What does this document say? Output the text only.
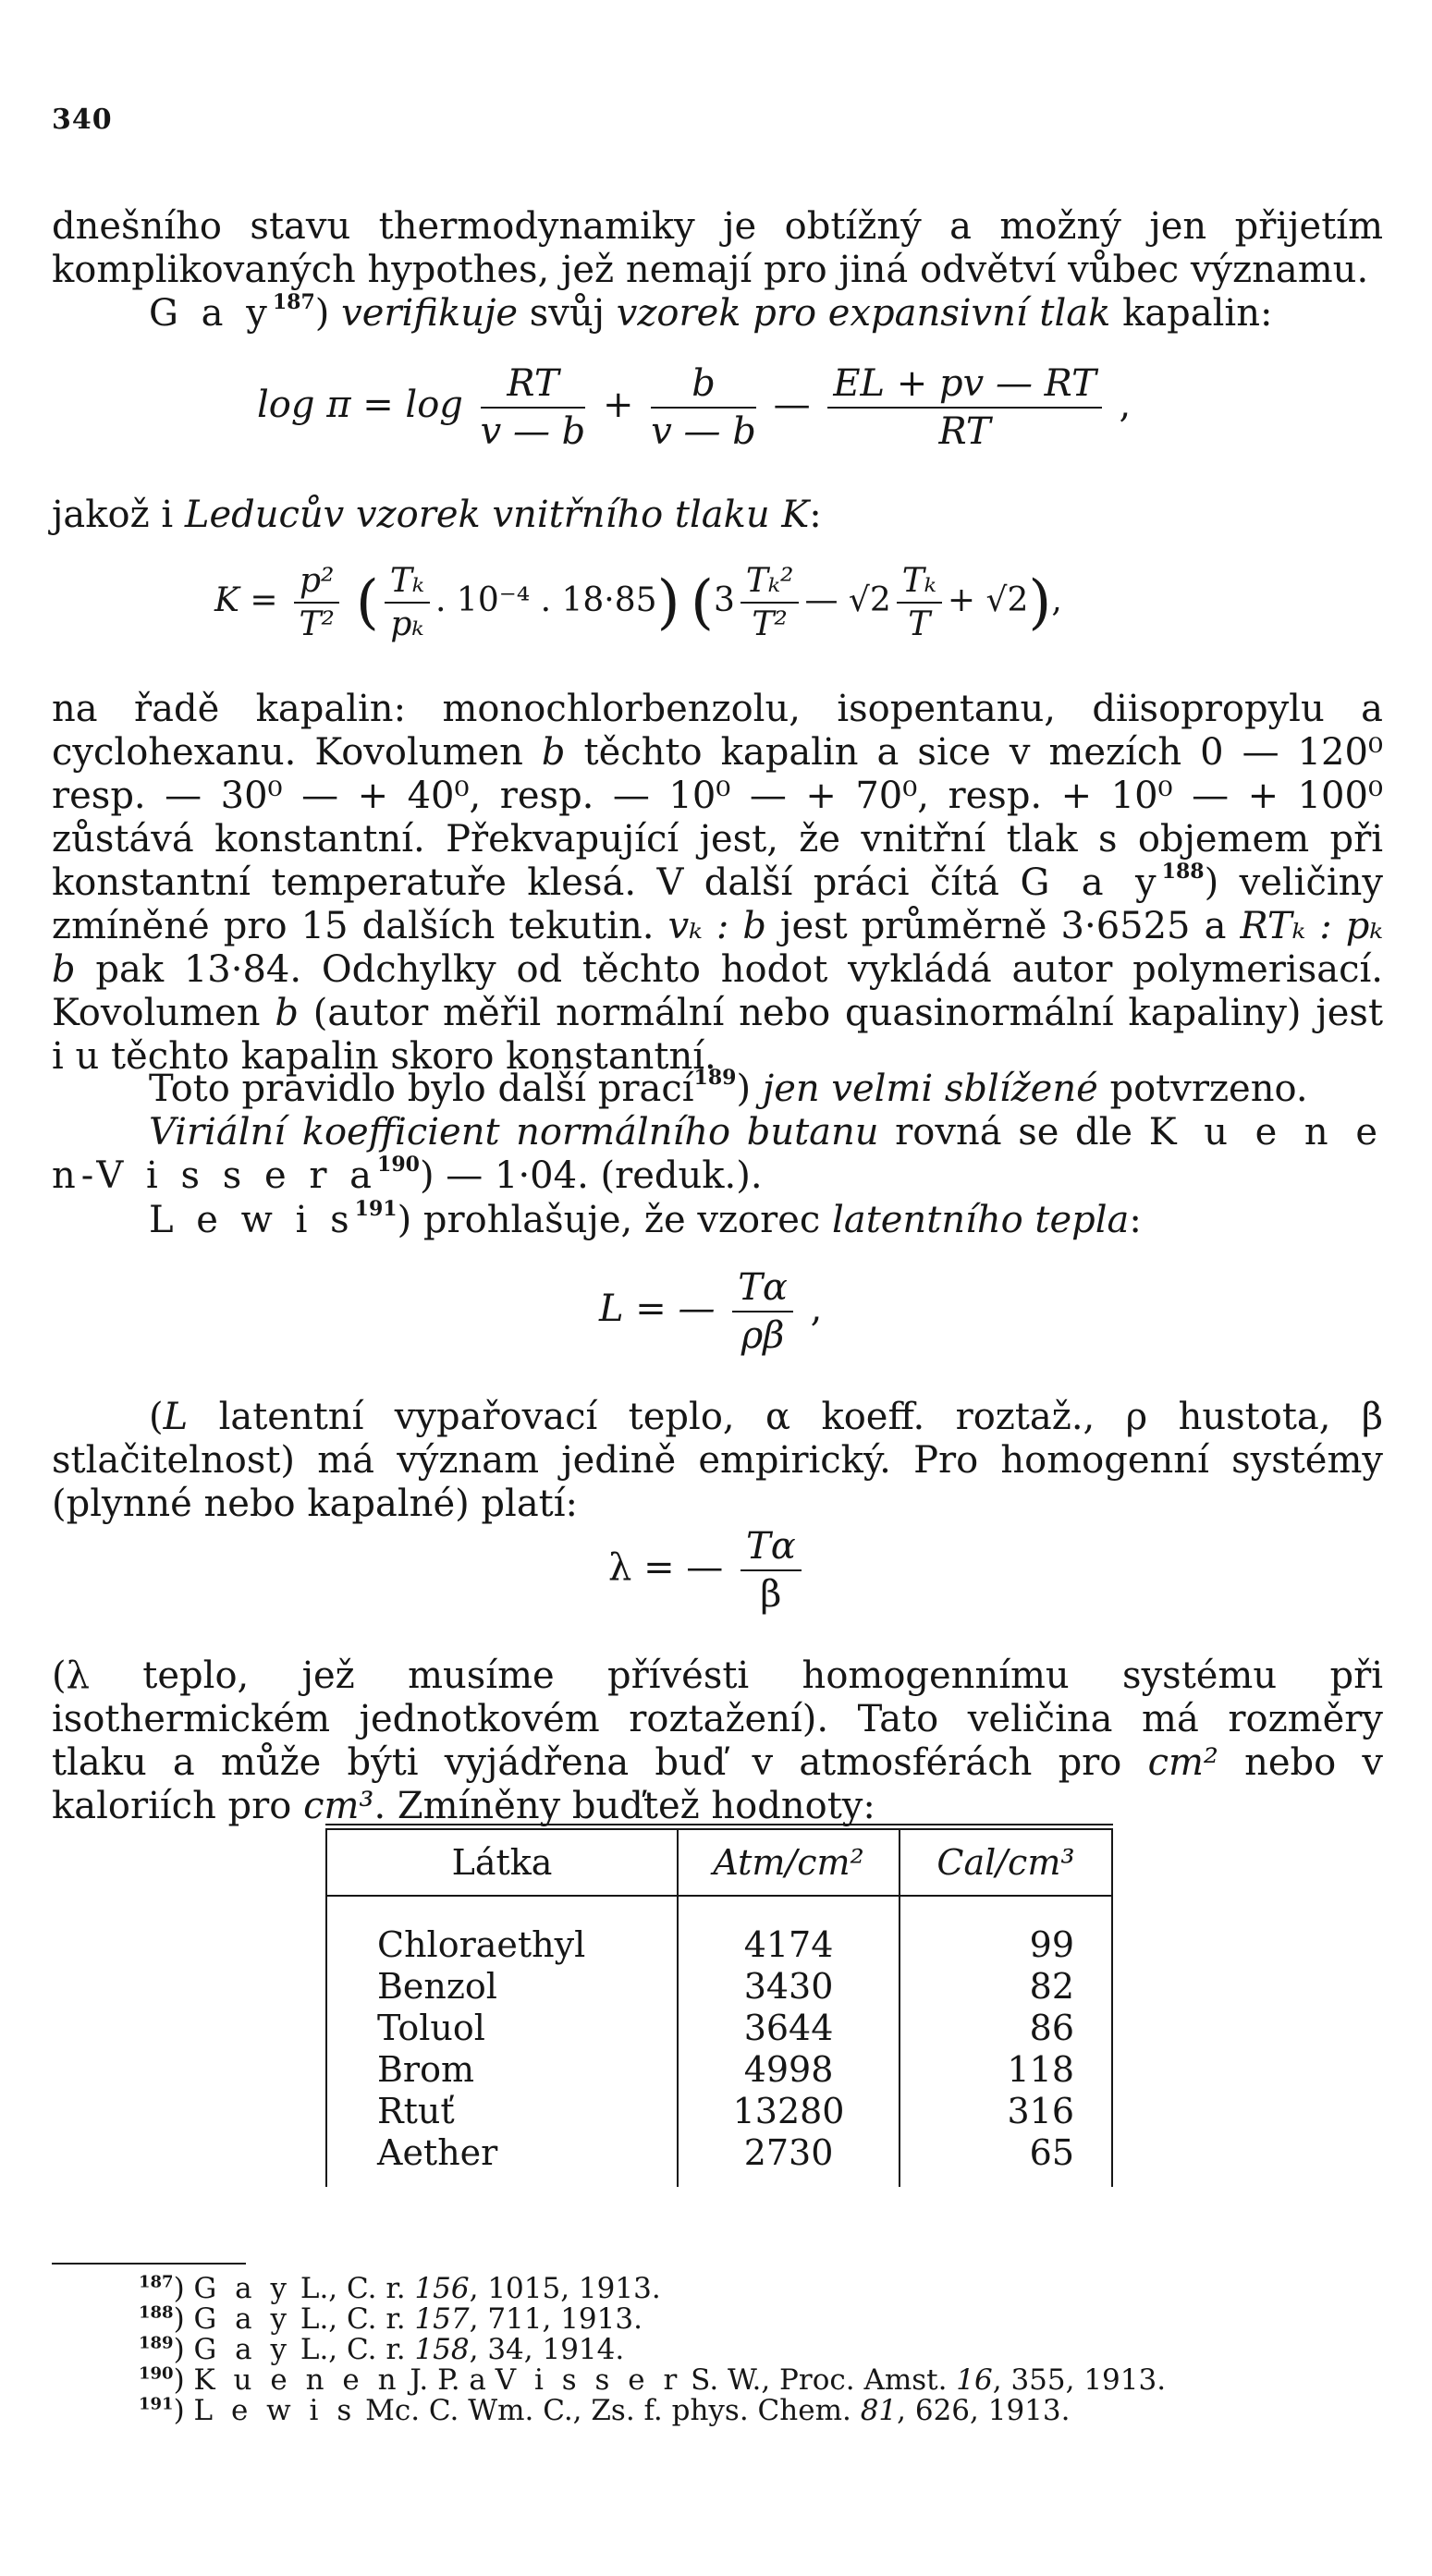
340
dnešního stavu thermodynamiky je obtížný a možný jen přijetím komplikovaných hypothes, jež nemají pro jiná odvětví vůbec významu.
G a $y^{187}$) verifikuje svůj vzorek pro expansivní tlak kapalin:
$\log \pi = \log \frac{RT}{v — b} + \frac{b}{v — b}$ — $\frac{EL + pv — RT}{RT}$ ,
jakož i Leducův vzorek vnitřního tlaku K:
$K = \frac{\text{p²}}{\text{T²}}$ ( $\frac{\text{Tₖ}}{\text{pₖ}}$ . 10⁻⁴ . 18·85) ($3 \frac{\text{Tₖ²}}{\text{T²}}$ — $√2 \frac{\text{Tₖ}}{T} + √2$),
na řadě kapalin: monochlorbenzolu, isopentanu, diisopropylu a cyclohexanu. Kovolumen b těchto kapalin a sice v mezích 0 — 120⁰ resp. — 30⁰ — + 40⁰, resp. — 10⁰ — + 70⁰, resp. + 10⁰ — + 100⁰ zůstává konstantní. Překvapující jest, že vnitřní tlak s objemem při konstantní temperatuře klesá. V další práci čítá G a $y^{188}$) veličiny zmíněné pro 15 dalších tekutin. vₖ : b jest průměrně 3·6525 a RTₖ : pₖ b pak 13·84. Odchylky od těchto hodot vykládá autor polymerisací. Kovolumen b (autor měřil normální nebo quasinormální kapaliny) jest i u těchto kapalin skoro konstantní.
Toto pravidlo bylo další prací$^{189}$) jen velmi sblížené potvrzeno.
Viriální koefficient normálního butanu rovná se dle K u e n e n-V i s s e r $a^{190}$) — 1·04. (reduk.).
L e w i $s^{191}$) prohlašuje, že vzorec latentního tepla:
L = — $\frac{T\alpha}{\rho\beta}$ ,
(L latentní vypařovací teplo, α koeff. roztaž., ρ hustota, β stlačitelnost) má význam jedině empirický. Pro homogenní systémy (plynné nebo kapalné) platí:
λ = — $\frac{T\alpha}{\beta}$
(λ teplo, jež musíme přívésti homogennímu systému při isothermickém jednotkovém roztažení). Tato veličina má rozměry tlaku a může býti vyjádřena buď v atmosférách pro cm² nebo v kaloriích pro cm³. Zmíněny buďtež hodnoty:
Látka	Atm/cm²	Cal/cm³
Chloraethyl	4174	99
Benzol	3430	82
Toluol	3644	86
Brom	4998	118
Rtuť	13280	316
Aether	2730	65
$^{187}$) G a y L., C. r. 156, 1015, 1913.
$^{188}$) G a y L., C. r. 157, 711, 1913.
$^{189}$) G a y L., C. r. 158, 34, 1914.
$^{190}$) K u e n e n J. P. a V i s s e r S. W., Proc. Amst. 16, 355, 1913.
$^{191}$) L e w i s Mc. C. Wm. C., Zs. f. phys. Chem. 81, 626, 1913.
